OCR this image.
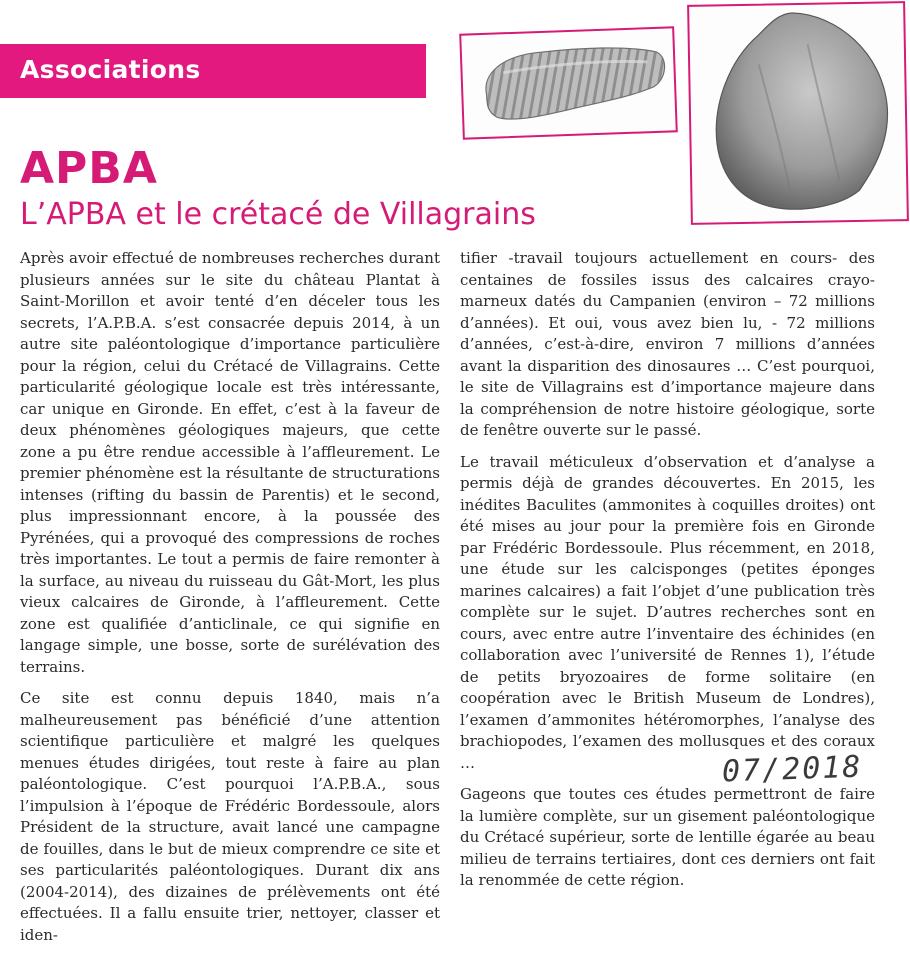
Associations
APBA
L’APBA et le crétacé de Villagrains

Après avoir effectué de nombreuses recherches durant plusieurs années sur le site du château Plantat à Saint-Morillon et avoir tenté d’en déceler tous les secrets, l’A.P.B.A. s’est consacrée depuis 2014, à un autre site paléontologique d’importance particulière pour la région, celui du Crétacé de Villagrains. Cette particularité géologique locale est très intéressante, car unique en Gironde. En effet, c’est à la faveur de deux phénomènes géologiques majeurs, que cette zone a pu être rendue accessible à l’affleurement. Le premier phénomène est la résultante de structurations intenses (rifting du bassin de Parentis) et le second, plus impressionnant encore, à la poussée des Pyrénées, qui a provoqué des compressions de roches très importantes. Le tout a permis de faire remonter à la surface, au niveau du ruisseau du Gât-Mort, les plus vieux calcaires de Gironde, à l’affleurement. Cette zone est qualifiée d’anticlinale, ce qui signifie en langage simple, une bosse, sorte de surélévation des terrains.

Ce site est connu depuis 1840, mais n’a malheureusement pas bénéficié d’une attention scientifique particulière et malgré les quelques menues études dirigées, tout reste à faire au plan paléontologique. C’est pourquoi l’A.P.B.A., sous l’impulsion à l’époque de Frédéric Bordessoule, alors Président de la structure, avait lancé une campagne de fouilles, dans le but de mieux comprendre ce site et ses particularités paléontologiques. Durant dix ans (2004-2014), des dizaines de prélèvements ont été effectuées. Il a fallu ensuite trier, nettoyer, classer et iden-

tifier -travail toujours actuellement en cours- des centaines de fossiles issus des calcaires crayo-marneux datés du Campanien (environ – 72 millions d’années). Et oui, vous avez bien lu, - 72 millions d’années, c’est-à-dire, environ 7 millions d’années avant la disparition des dinosaures … C’est pourquoi, le site de Villagrains est d’importance majeure dans la compréhension de notre histoire géologique, sorte de fenêtre ouverte sur le passé.

Le travail méticuleux d’observation et d’analyse a permis déjà de grandes découvertes. En 2015, les inédites Baculites (ammonites à coquilles droites) ont été mises au jour pour la première fois en Gironde par Frédéric Bordessoule. Plus récemment, en 2018, une étude sur les calcisponges (petites éponges marines calcaires) a fait l’objet d’une publication très complète sur le sujet. D’autres recherches sont en cours, avec entre autre l’inventaire des échinides (en collaboration avec l’université de Rennes 1), l’étude de petits bryozoaires de forme solitaire (en coopération avec le British Museum de Londres), l’examen d’ammonites hétéromorphes, l’analyse des brachiopodes, l’examen des mollusques et des coraux …

Gageons que toutes ces études permettront de faire la lumière complète, sur un gisement paléontologique du Crétacé supérieur, sorte de lentille égarée au beau milieu de terrains tertiaires, dont ces derniers ont fait la renommée de cette région.

07/2018
